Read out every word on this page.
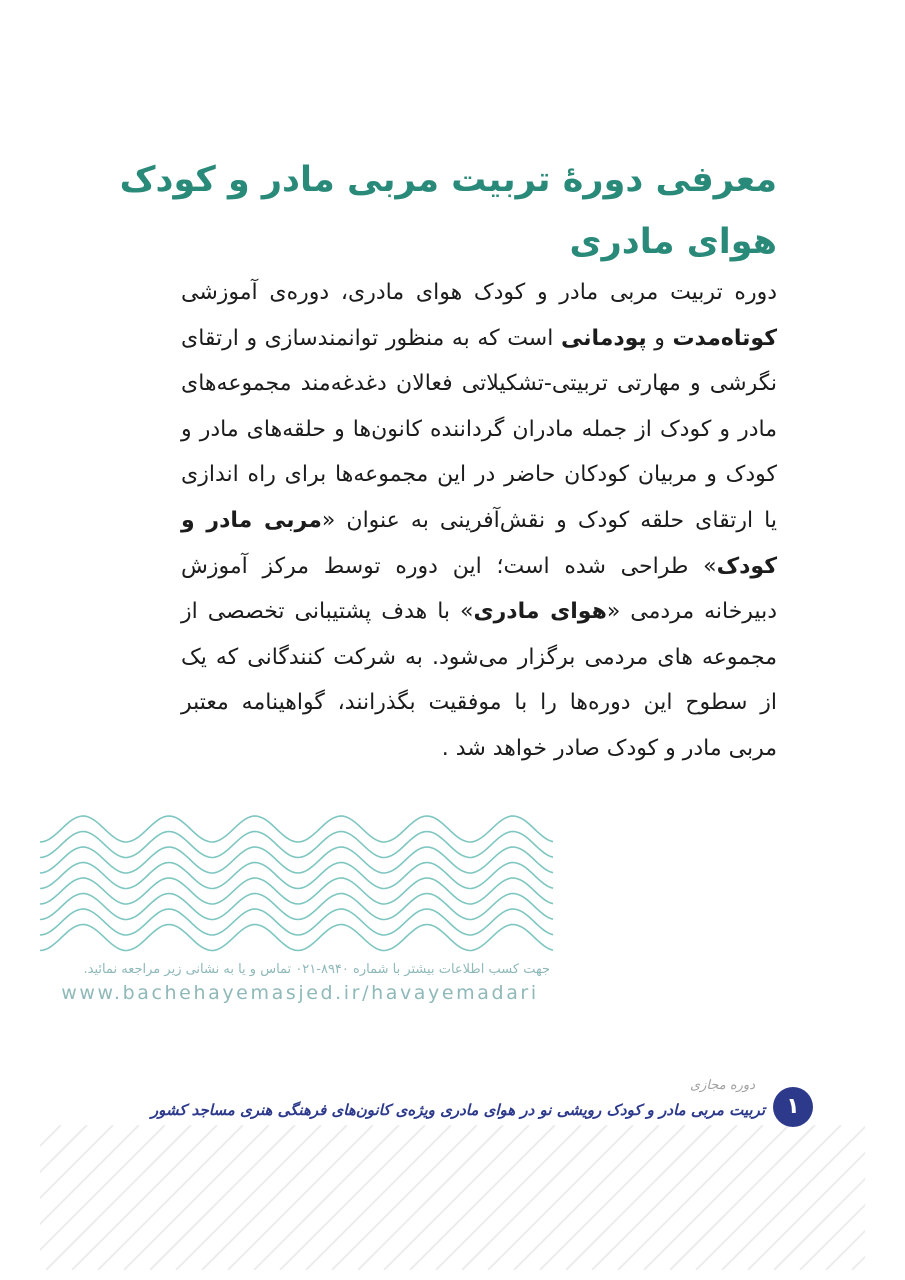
معرفی دورۀ تربیت مربی مادر و کودک
هوای مادری
دوره تربیت مربی مادر و کودک هوای مادری، دوره‌ی آموزشی کوتاه‌مدت و پودمانی است که به منظور توانمندسازی و ارتقای نگرشی و مهارتی تربیتی-تشکیلاتی فعالان دغدغه‌مند مجموعه‌های مادر و کودک از جمله مادران گرداننده کانون‌ها و حلقه‌های مادر و کودک و مربیان کودکان حاضر در این مجموعه‌ها برای راه اندازی یا ارتقای حلقه کودک و نقش‌آفرینی به عنوان «مربی مادر و کودک» طراحی شده است؛ این دوره توسط مرکز آموزش دبیرخانه مردمی «هوای مادری» با هدف پشتیبانی تخصصی از مجموعه های مردمی برگزار می‌شود. به شرکت کنندگانی که یک از سطوح این دوره‌ها را با موفقیت بگذرانند، گواهینامه معتبر مربی مادر و کودک صادر خواهد شد .
جهت کسب اطلاعات بیشتر با شماره ۸۹۴۰-۰۲۱ تماس و یا به نشانی زیر مراجعه نمائید.
www.bachehayemasjed.ir/havayemadari
۱
دوره مجازی
تربیت مربی مادر و کودک رویشی نو در هوای مادری ویژه‌ی کانون‌های فرهنگی هنری مساجد کشور
